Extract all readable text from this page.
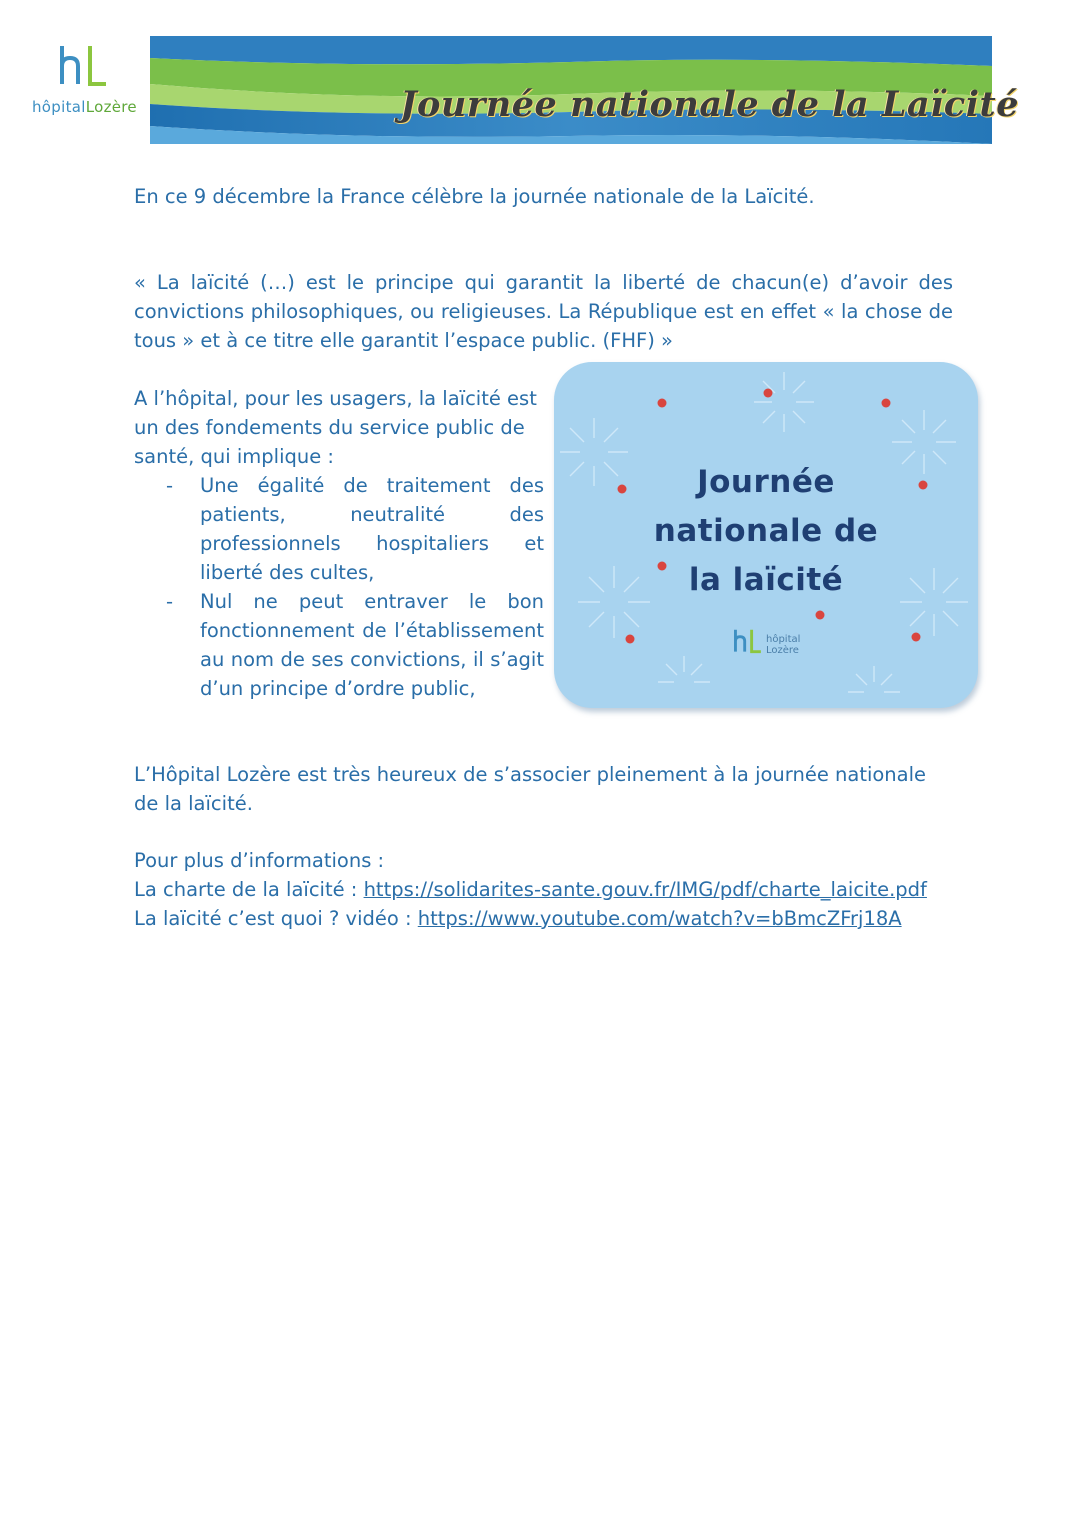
hôpitalLozère	Journée nationale de la Laïcité

En ce 9 décembre la France célèbre la journée nationale de la Laïcité.

« La laïcité (…) est le principe qui garantit la liberté de chacun(e) d’avoir des convictions philosophiques, ou religieuses. La République est en effet « la chose de tous » et à ce titre elle garantit l’espace public. (FHF) »

A l’hôpital, pour les usagers, la laïcité est un des fondements du service public de santé, qui implique :

- Une égalité de traitement des patients, neutralité des professionnels hospitaliers et liberté des cultes,
- Nul ne peut entraver le bon fonctionnement de l’établissement au nom de ses convictions, il s’agit d’un principe d’ordre public,
Journée
nationale de
la laïcité
hôpital
Lozère

L’Hôpital Lozère est très heureux de s’associer pleinement à la journée nationale de la laïcité.

Pour plus d’informations :
La charte de la laïcité : https://solidarites-sante.gouv.fr/IMG/pdf/charte_laicite.pdf
La laïcité c’est quoi ? vidéo : https://www.youtube.com/watch?v=bBmcZFrj18A
